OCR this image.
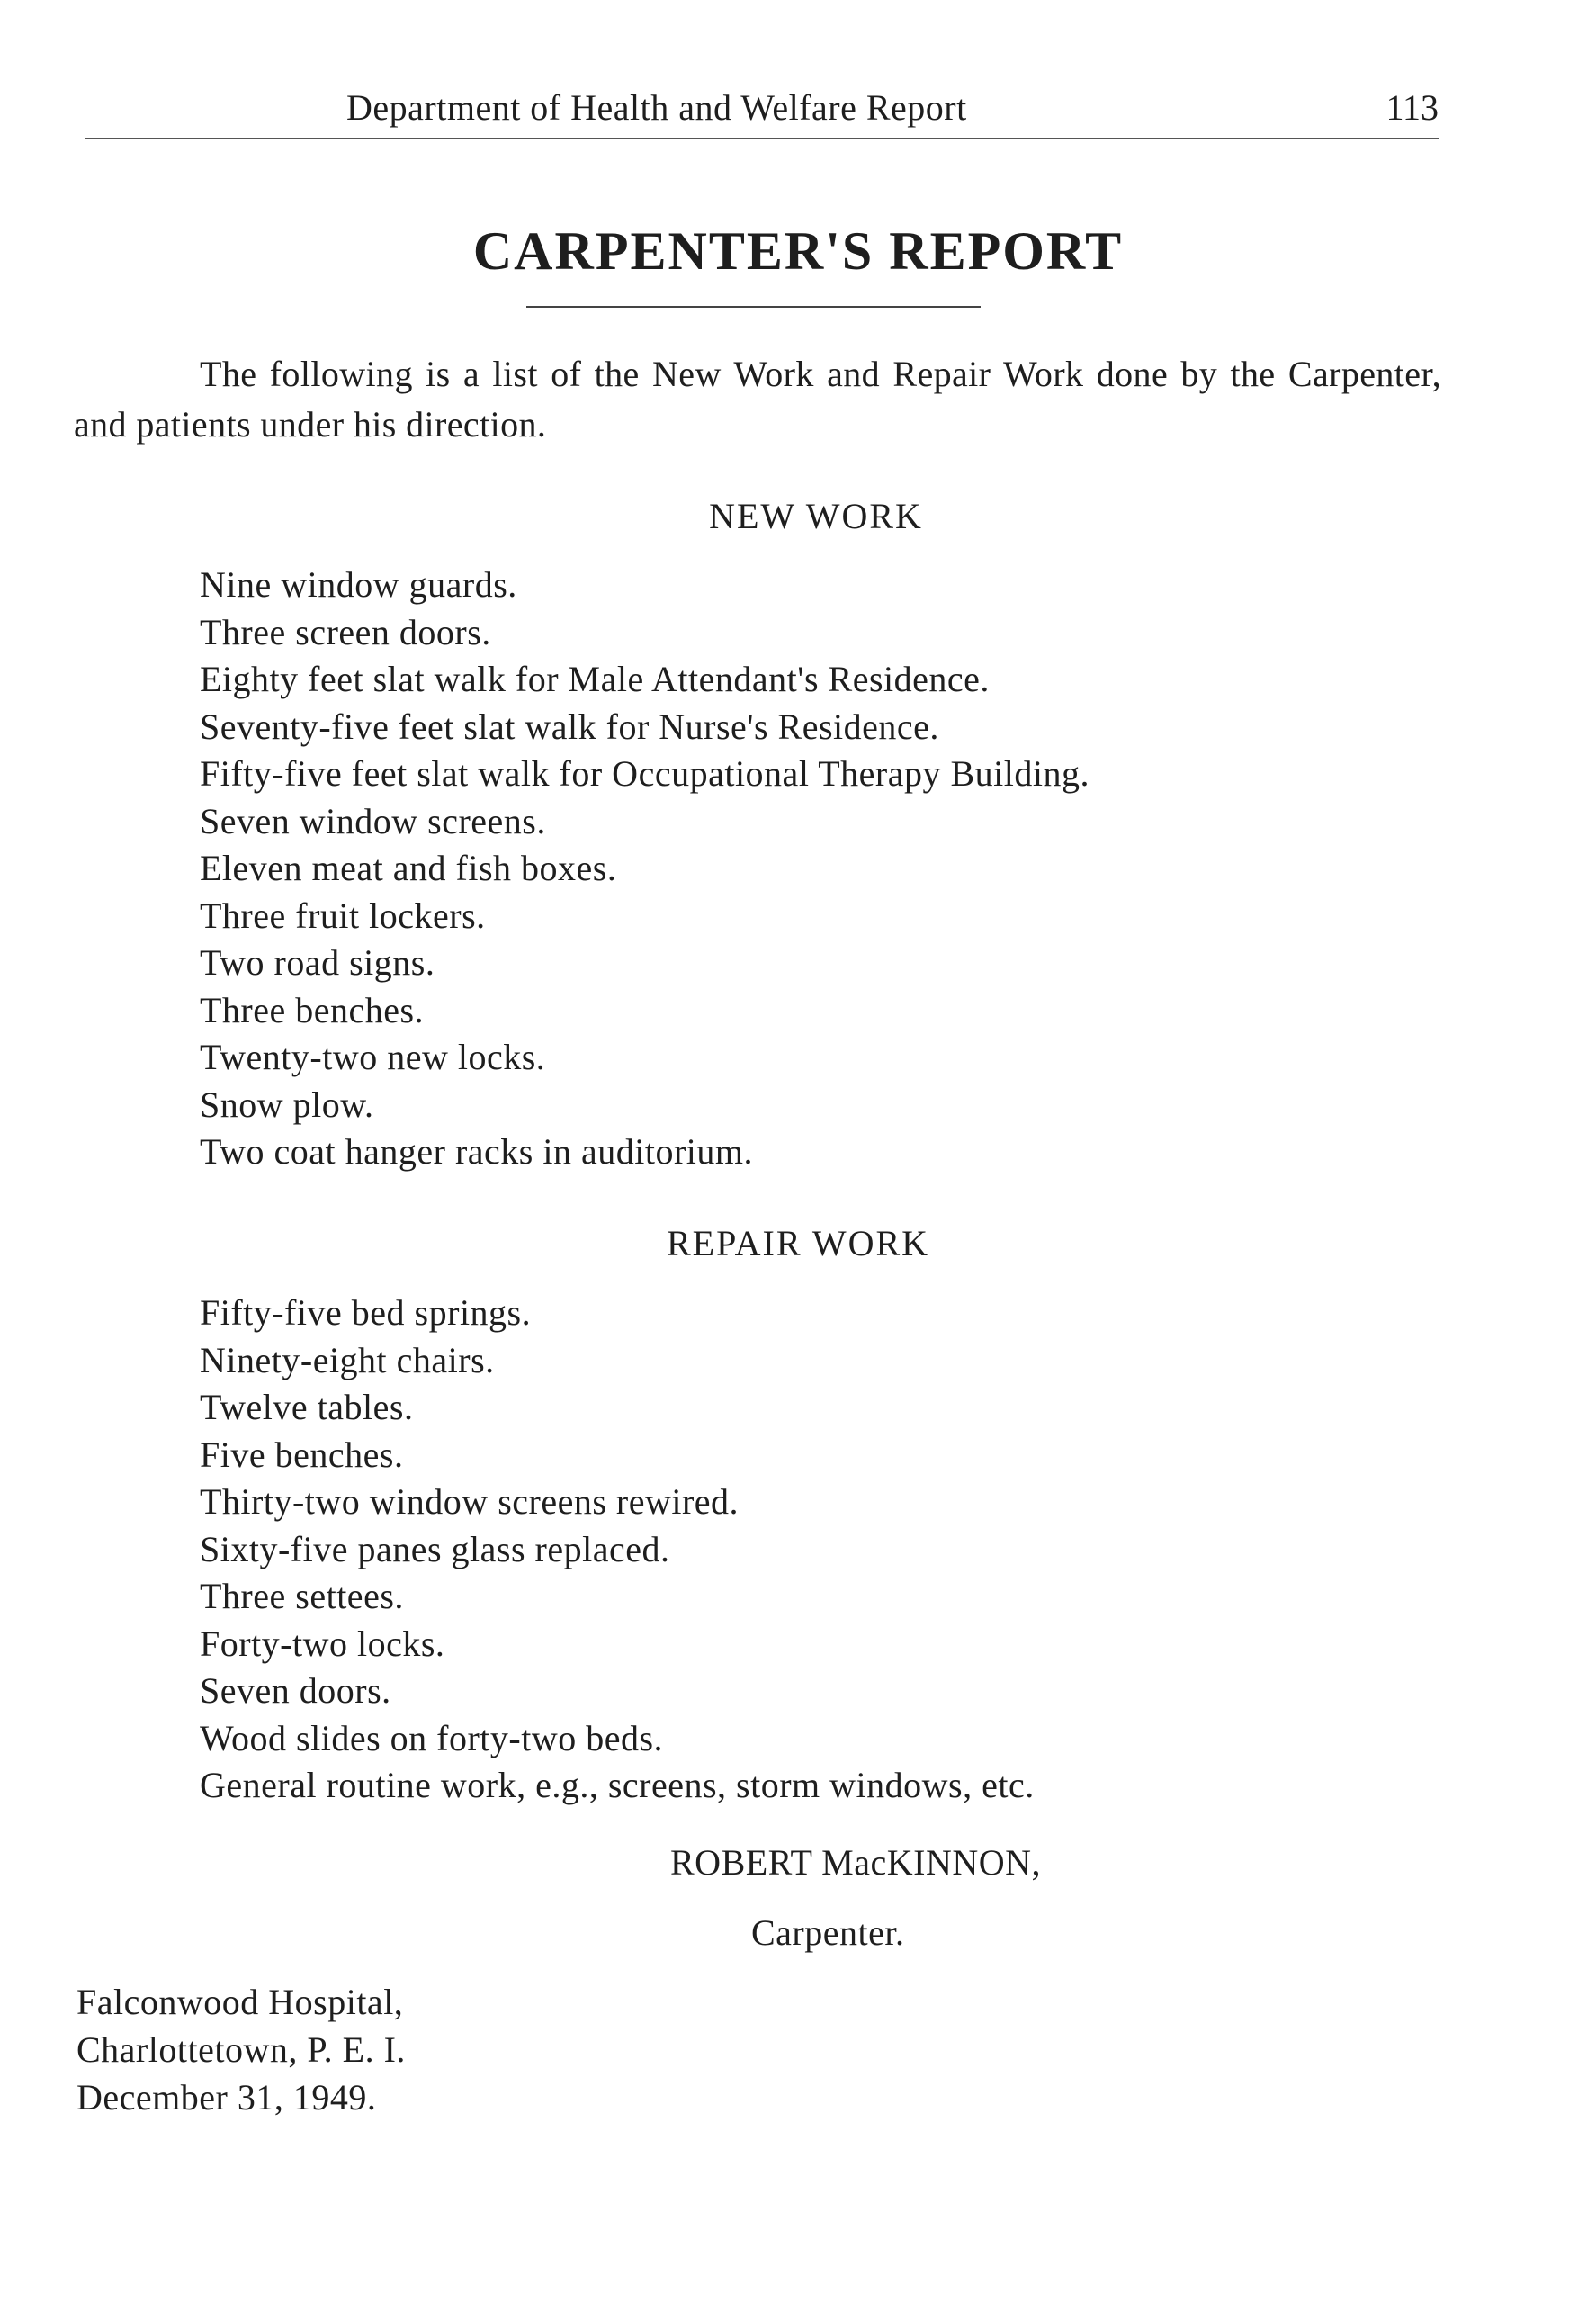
Department of Health and Welfare Report	113
CARPENTER'S REPORT

The following is a list of the New Work and Repair Work done by the Carpenter, and patients under his direction.

NEW WORK
Nine window guards.
Three screen doors.
Eighty feet slat walk for Male Attendant's Residence.
Seventy-five feet slat walk for Nurse's Residence.
Fifty-five feet slat walk for Occupational Therapy Building.
Seven window screens.
Eleven meat and fish boxes.
Three fruit lockers.
Two road signs.
Three benches.
Twenty-two new locks.
Snow plow.
Two coat hanger racks in auditorium.
REPAIR WORK
Fifty-five bed springs.
Ninety-eight chairs.
Twelve tables.
Five benches.
Thirty-two window screens rewired.
Sixty-five panes glass replaced.
Three settees.
Forty-two locks.
Seven doors.
Wood slides on forty-two beds.
General routine work, e.g., screens, storm windows, etc.
ROBERT MacKINNON,
Carpenter.
Falconwood Hospital,
Charlottetown, P. E. I.
December 31, 1949.
